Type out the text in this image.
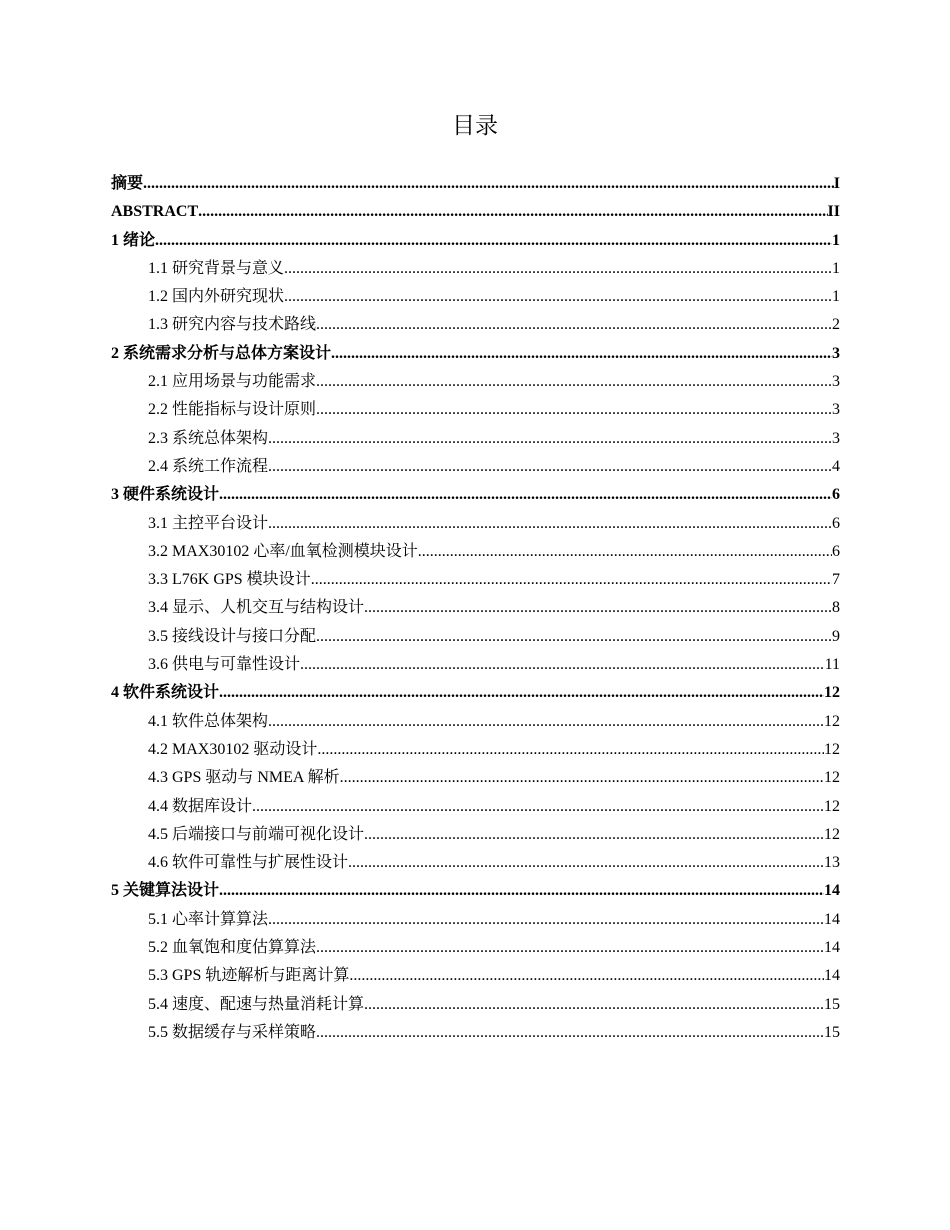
目录
摘要 .....	I
ABSTRACT .....	II
1 绪论 .....	1
1.1 研究背景与意义 .....	1
1.2 国内外研究现状 .....	1
1.3 研究内容与技术路线 .....	2
2 系统需求分析与总体方案设计 .....	3
2.1 应用场景与功能需求 .....	3
2.2 性能指标与设计原则 .....	3
2.3 系统总体架构 .....	3
2.4 系统工作流程 .....	4
3 硬件系统设计 .....	6
3.1 主控平台设计 .....	6
3.2 MAX30102 心率/血氧检测模块设计 .....	6
3.3 L76K GPS 模块设计 .....	7
3.4 显示、人机交互与结构设计 .....	8
3.5 接线设计与接口分配 .....	9
3.6 供电与可靠性设计 .....	11
4 软件系统设计 .....	12
4.1 软件总体架构 .....	12
4.2 MAX30102 驱动设计 .....	12
4.3 GPS 驱动与 NMEA 解析 .....	12
4.4 数据库设计 .....	12
4.5 后端接口与前端可视化设计 .....	12
4.6 软件可靠性与扩展性设计 .....	13
5 关键算法设计 .....	14
5.1 心率计算算法 .....	14
5.2 血氧饱和度估算算法 .....	14
5.3 GPS 轨迹解析与距离计算 .....	14
5.4 速度、配速与热量消耗计算 .....	15
5.5 数据缓存与采样策略 .....	15
